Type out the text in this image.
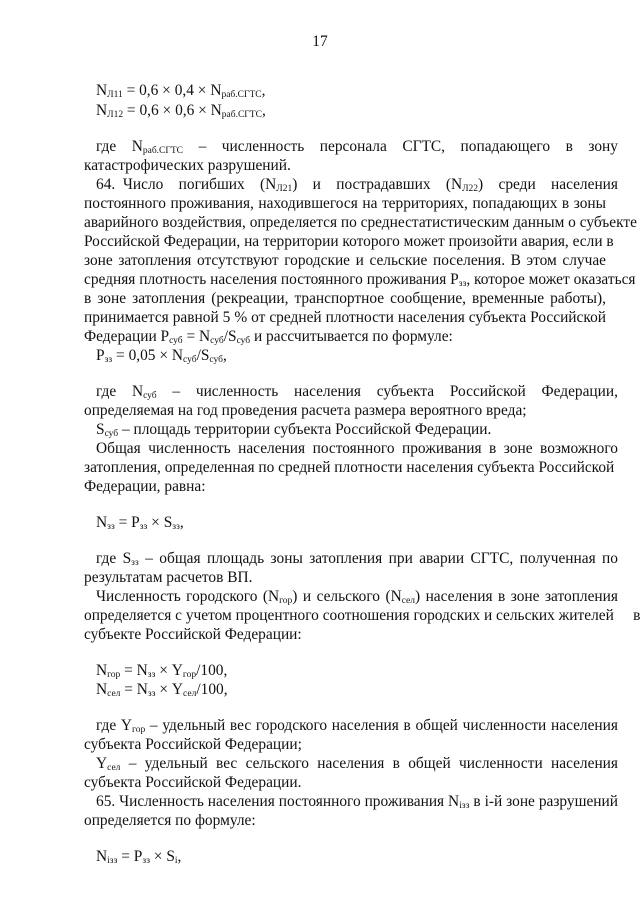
17
$N_{Л11} = 0,6 \times 0,4 \times N_{раб.СГТС}$,
$N_{Л12} = 0,6 \times 0,6 \times N_{раб.СГТС}$,
где  $N_{раб.СГТС}$  –  численность  персонала  СГТС,  попадающего  в  зону
катастрофических разрушений.
64. Число  погибших  $(N_{Л21})$  и  пострадавших  $(N_{Л22})$  среди  населения
постоянного проживания, находившегося на территориях, попадающих в зоны
аварийного воздействия, определяется по среднестатистическим данным о субъекте
Российской Федерации, на территории которого может произойти авария, если в
зоне затопления отсутствуют городские и сельские поселения. В этом случае
средняя плотность населения постоянного проживания $P_{зз}$, которое может оказаться
в зоне затопления (рекреации, транспортное сообщение, временные работы),
принимается равной 5 % от средней плотности населения субъекта Российской
Федерации $P_{суб} = N_{суб}/S_{суб}$ и рассчитывается по формуле:
$P_{зз} = 0,05 \times N_{суб}/S_{суб}$,
где  $N_{суб}$  –  численность  населения  субъекта  Российской  Федерации,
определяемая на год проведения расчета размера вероятного вреда;
$S_{суб}$ – площадь территории субъекта Российской Федерации.
Общая численность населения постоянного проживания в зоне возможного
затопления, определенная по средней плотности населения субъекта Российской
Федерации, равна:
$N_{зз} = P_{зз} \times S_{зз}$,
где $S_{зз}$ – общая площадь зоны затопления при аварии СГТС, полученная по
результатам расчетов ВП.
Численность городского $(N_{гор})$ и сельского $(N_{сел})$ населения в зоне затопления
определяется с учетом процентного соотношения городских и сельских жителей     в
субъекте Российской Федерации:
$N_{гор} = N_{зз} \times Y_{гор}/100$,
$N_{сел} = N_{зз} \times Y_{сел}/100$,
где $Y_{гор}$ – удельный вес городского населения в общей численности населения
субъекта Российской Федерации;
$Y_{сел}$ – удельный вес сельского населения в общей численности населения
субъекта Российской Федерации.
65. Численность населения постоянного проживания $N_{iзз}$ в i-й зоне разрушений
определяется по формуле:
$N_{iзз} = P_{зз} \times S_i$,
